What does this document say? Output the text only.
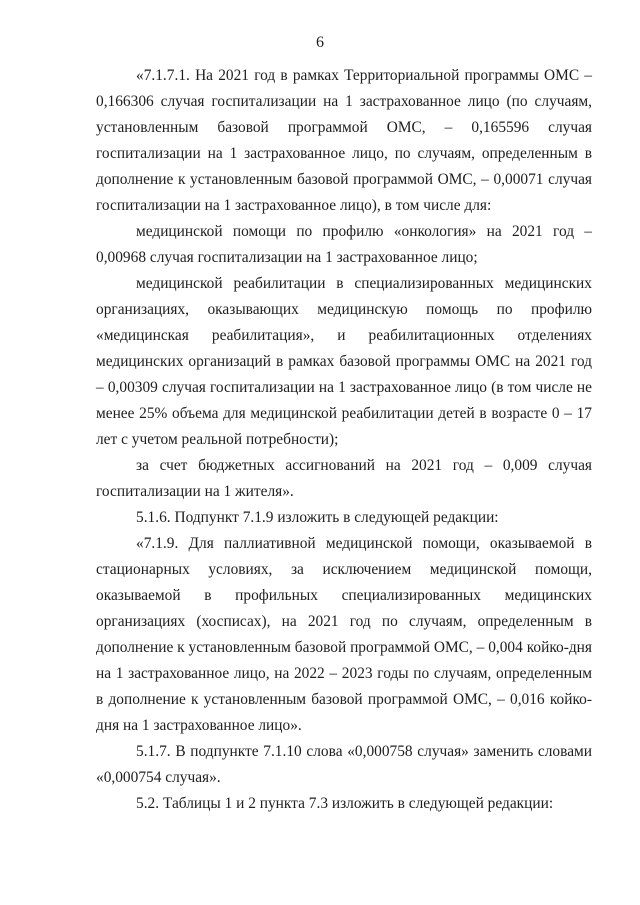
6

«7.1.7.1. На 2021 год в рамках Территориальной программы ОМС – 0,166306 случая госпитализации на 1 застрахованное лицо (по случаям, установленным базовой программой ОМС, – 0,165596 случая госпитализации на 1 застрахованное лицо, по случаям, определенным в дополнение к установленным базовой программой ОМС, – 0,00071 случая госпитализации на 1 застрахованное лицо), в том числе для:

медицинской помощи по профилю «онкология» на 2021 год – 0,00968 случая госпитализации на 1 застрахованное лицо;

медицинской реабилитации в специализированных медицинских организациях, оказывающих медицинскую помощь по профилю «медицинская реабилитация», и реабилитационных отделениях медицинских организаций в рамках базовой программы ОМС на 2021 год – 0,00309 случая госпитализации на 1 застрахованное лицо (в том числе не менее 25% объема для медицинской реабилитации детей в возрасте 0 – 17 лет с учетом реальной потребности);

за счет бюджетных ассигнований на 2021 год – 0,009 случая госпитализации на 1 жителя».

5.1.6. Подпункт 7.1.9 изложить в следующей редакции:

«7.1.9. Для паллиативной медицинской помощи, оказываемой в стационарных условиях, за исключением медицинской помощи, оказываемой в профильных специализированных медицинских организациях (хосписах), на 2021 год по случаям, определенным в дополнение к установленным базовой программой ОМС, – 0,004 койко-дня на 1 застрахованное лицо, на 2022 – 2023 годы по случаям, определенным в дополнение к установленным базовой программой ОМС, – 0,016 койко-дня на 1 застрахованное лицо».

5.1.7. В подпункте 7.1.10 слова «0,000758 случая» заменить словами «0,000754 случая».

5.2. Таблицы 1 и 2 пункта 7.3 изложить в следующей редакции:
